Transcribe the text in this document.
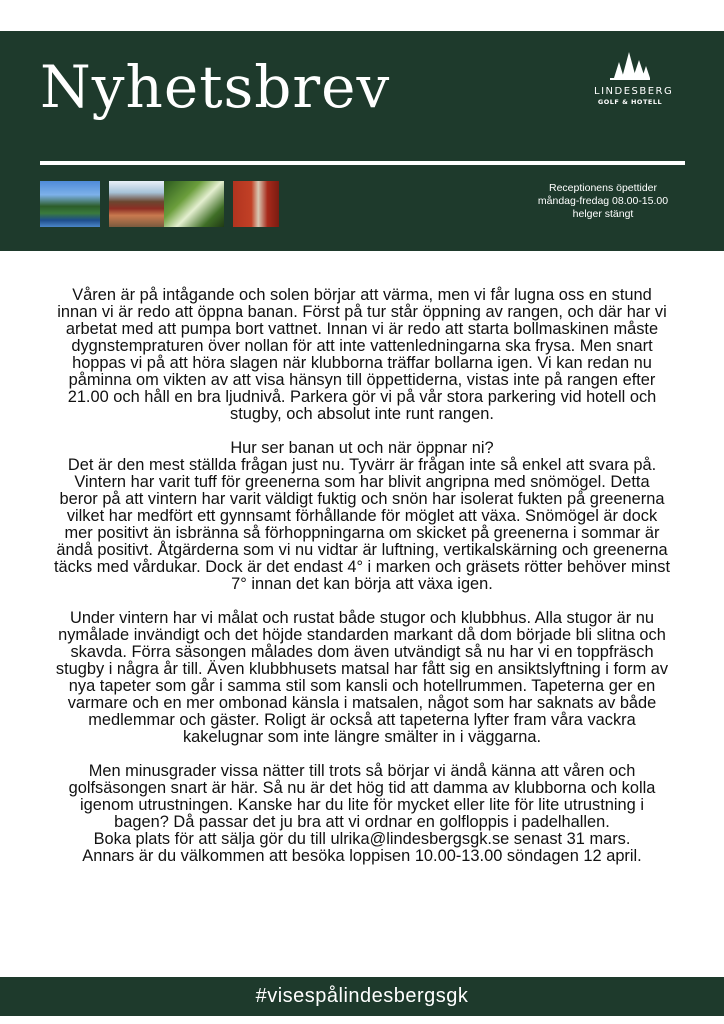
Nyhetsbrev	LINDESBERG
GOLF & HOTELL
Receptionens öpettider
måndag-fredag 08.00-15.00
helger stängt

Våren är på intågande och solen börjar att värma, men vi får lugna oss en stund
innan vi är redo att öppna banan. Först på tur står öppning av rangen, och där har vi
arbetat med att pumpa bort vattnet. Innan vi är redo att starta bollmaskinen måste
dygnstempraturen över nollan för att inte vattenledningarna ska frysa. Men snart
hoppas vi på att höra slagen när klubborna träffar bollarna igen. Vi kan redan nu
påminna om vikten av att visa hänsyn till öppettiderna, vistas inte på rangen efter
21.00 och håll en bra ljudnivå. Parkera gör vi på vår stora parkering vid hotell och
stugby, och absolut inte runt rangen.

Hur ser banan ut och när öppnar ni?
Det är den mest ställda frågan just nu. Tyvärr är frågan inte så enkel att svara på.
Vintern har varit tuff för greenerna som har blivit angripna med snömögel. Detta
beror på att vintern har varit väldigt fuktig och snön har isolerat fukten på greenerna
vilket har medfört ett gynnsamt förhållande för möglet att växa. Snömögel är dock
mer positivt än isbränna så förhoppningarna om skicket på greenerna i sommar är
ändå positivt. Åtgärderna som vi nu vidtar är luftning, vertikalskärning och greenerna
täcks med vårdukar. Dock är det endast 4° i marken och gräsets rötter behöver minst
7° innan det kan börja att växa igen.

Under vintern har vi målat och rustat både stugor och klubbhus. Alla stugor är nu
nymålade invändigt och det höjde standarden markant då dom började bli slitna och
skavda. Förra säsongen målades dom även utvändigt så nu har vi en toppfräsch
stugby i några år till. Även klubbhusets matsal har fått sig en ansiktslyftning i form av
nya tapeter som går i samma stil som kansli och hotellrummen. Tapeterna ger en
varmare och en mer ombonad känsla i matsalen, något som har saknats av både
medlemmar och gäster. Roligt är också att tapeterna lyfter fram våra vackra
kakelugnar som inte längre smälter in i väggarna.

Men minusgrader vissa nätter till trots så börjar vi ändå känna att våren och
golfsäsongen snart är här. Så nu är det hög tid att damma av klubborna och kolla
igenom utrustningen. Kanske har du lite för mycket eller lite för lite utrustning i
bagen? Då passar det ju bra att vi ordnar en golfloppis i padelhallen.
Boka plats för att sälja gör du till ulrika@lindesbergsgk.se senast 31 mars.
Annars är du välkommen att besöka loppisen 10.00-13.00 söndagen 12 april.

#visespålindesbergsgk
